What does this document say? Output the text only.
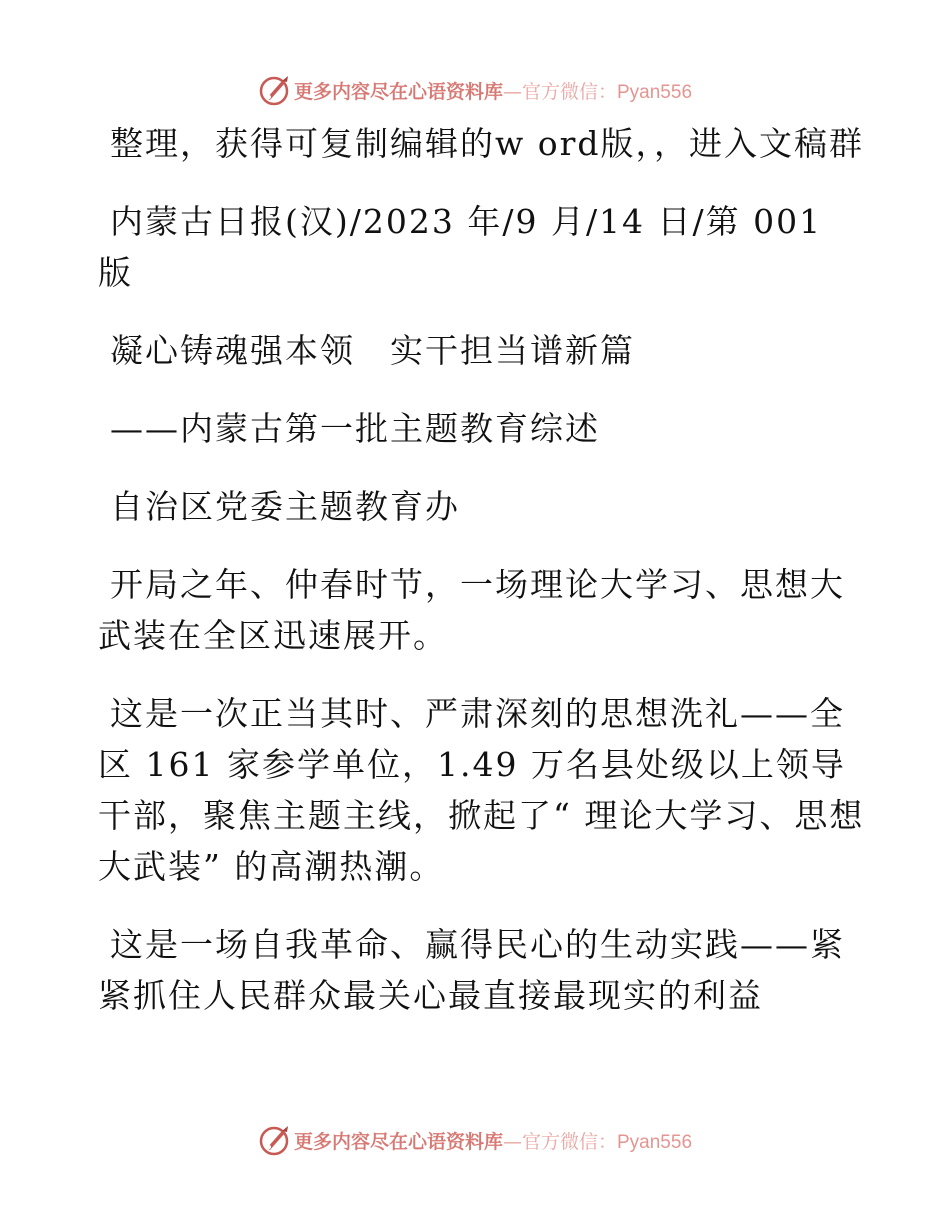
更多内容尽在心语资料库—官方微信：Pyan556

整理，获得可复制编辑的w ord版，，进入文稿群

内蒙古日报(汉)/2023 年/9 月/14 日/第 001 版

凝心铸魂强本领　实干担当谱新篇

——内蒙古第一批主题教育综述

自治区党委主题教育办

开局之年、仲春时节，一场理论大学习、思想大武装在全区迅速展开。

这是一次正当其时、严肃深刻的思想洗礼——全区 161 家参学单位，1.49 万名县处级以上领导干部，聚焦主题主线，掀起了“ 理论大学习、思想大武装” 的高潮热潮。

这是一场自我革命、赢得民心的生动实践——紧紧抓住人民群众最关心最直接最现实的利益

更多内容尽在心语资料库—官方微信：Pyan556
